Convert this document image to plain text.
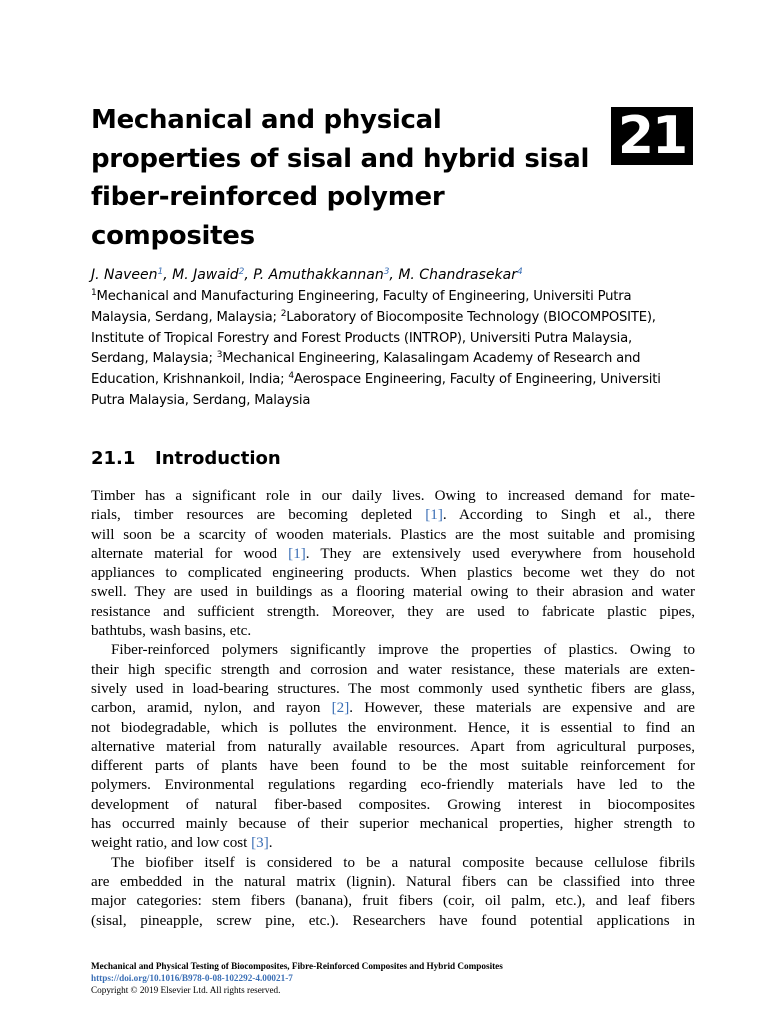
Mechanical and physical
properties of sisal and hybrid sisal
fiber-reinforced polymer
composites
21
J. Naveen$^1$, M. Jawaid$^2$, P. Amuthakkannan$^3$, M. Chandrasekar$^4$
$^1$Mechanical and Manufacturing Engineering, Faculty of Engineering, Universiti Putra
Malaysia, Serdang, Malaysia; $^2$Laboratory of Biocomposite Technology (BIOCOMPOSITE),
Institute of Tropical Forestry and Forest Products (INTROP), Universiti Putra Malaysia,
Serdang, Malaysia; $^3$Mechanical Engineering, Kalasalingam Academy of Research and
Education, Krishnankoil, India; $^4$Aerospace Engineering, Faculty of Engineering, Universiti
Putra Malaysia, Serdang, Malaysia
21.1 Introduction
Timber has a significant role in our daily lives. Owing to increased demand for mate-
rials, timber resources are becoming depleted [1]. According to Singh et al., there
will soon be a scarcity of wooden materials. Plastics are the most suitable and promising
alternate material for wood [1]. They are extensively used everywhere from household
appliances to complicated engineering products. When plastics become wet they do not
swell. They are used in buildings as a flooring material owing to their abrasion and water
resistance and sufficient strength. Moreover, they are used to fabricate plastic pipes,
bathtubs, wash basins, etc.
Fiber-reinforced polymers significantly improve the properties of plastics. Owing to
their high specific strength and corrosion and water resistance, these materials are exten-
sively used in load-bearing structures. The most commonly used synthetic fibers are glass,
carbon, aramid, nylon, and rayon [2]. However, these materials are expensive and are
not biodegradable, which is pollutes the environment. Hence, it is essential to find an
alternative material from naturally available resources. Apart from agricultural purposes,
different parts of plants have been found to be the most suitable reinforcement for
polymers. Environmental regulations regarding eco-friendly materials have led to the
development of natural fiber-based composites. Growing interest in biocomposites
has occurred mainly because of their superior mechanical properties, higher strength to
weight ratio, and low cost [3].
The biofiber itself is considered to be a natural composite because cellulose fibrils
are embedded in the natural matrix (lignin). Natural fibers can be classified into three
major categories: stem fibers (banana), fruit fibers (coir, oil palm, etc.), and leaf fibers
(sisal, pineapple, screw pine, etc.). Researchers have found potential applications in
Mechanical and Physical Testing of Biocomposites, Fibre-Reinforced Composites and Hybrid Composites
https://doi.org/10.1016/B978-0-08-102292-4.00021-7
Copyright © 2019 Elsevier Ltd. All rights reserved.
